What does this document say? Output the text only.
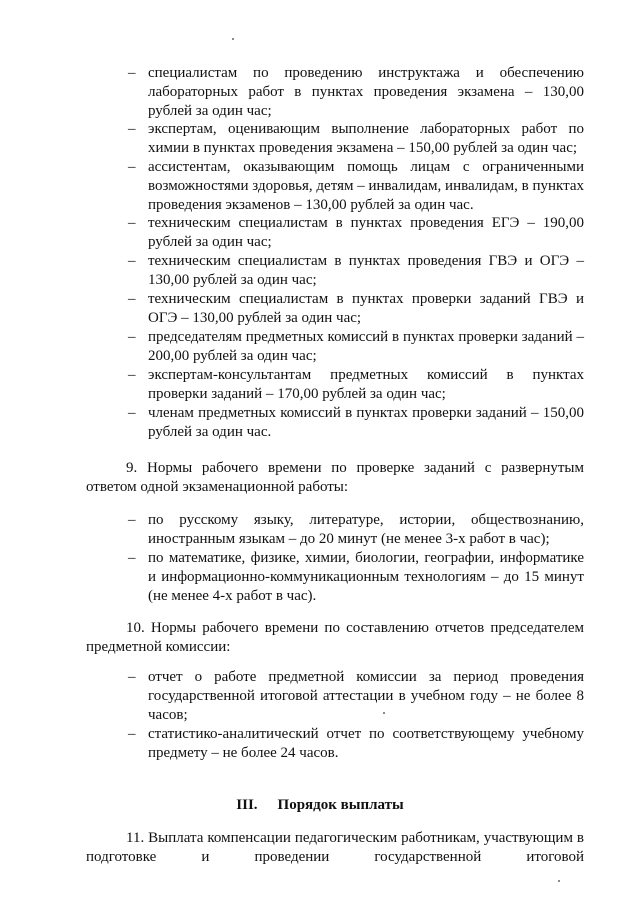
– специалистам по проведению инструктажа и обеспечению лабораторных работ в пунктах проведения экзамена – 130,00 рублей за один час;
– экспертам, оценивающим выполнение лабораторных работ по химии в пунктах проведения экзамена – 150,00 рублей за один час;
– ассистентам, оказывающим помощь лицам с ограниченными возможностями здоровья, детям – инвалидам, инвалидам, в пунктах проведения экзаменов – 130,00 рублей за один час.
– техническим специалистам в пунктах проведения ЕГЭ – 190,00 рублей за один час;
– техническим специалистам в пунктах проведения ГВЭ и ОГЭ – 130,00 рублей за один час;
– техническим специалистам в пунктах проверки заданий ГВЭ и ОГЭ – 130,00 рублей за один час;
– председателям предметных комиссий в пунктах проверки заданий – 200,00 рублей за один час;
– экспертам-консультантам предметных комиссий в пунктах проверки заданий – 170,00 рублей за один час;
– членам предметных комиссий в пунктах проверки заданий – 150,00 рублей за один час.

9. Нормы рабочего времени по проверке заданий с развернутым ответом одной экзаменационной работы:

– по русскому языку, литературе, истории, обществознанию, иностранным языкам – до 20 минут (не менее 3-х работ в час);
– по математике, физике, химии, биологии, географии, информатике и информационно-коммуникационным технологиям – до 15 минут (не менее 4-х работ в час).

10. Нормы рабочего времени по составлению отчетов председателем предметной комиссии:

– отчет о работе предметной комиссии за период проведения государственной итоговой аттестации в учебном году – не более 8 часов;
– статистико-аналитический отчет по соответствующему учебному предмету – не более 24 часов.

III. Порядок выплаты

11. Выплата компенсации педагогическим работникам, участвующим в подготовке и проведении государственной итоговой
